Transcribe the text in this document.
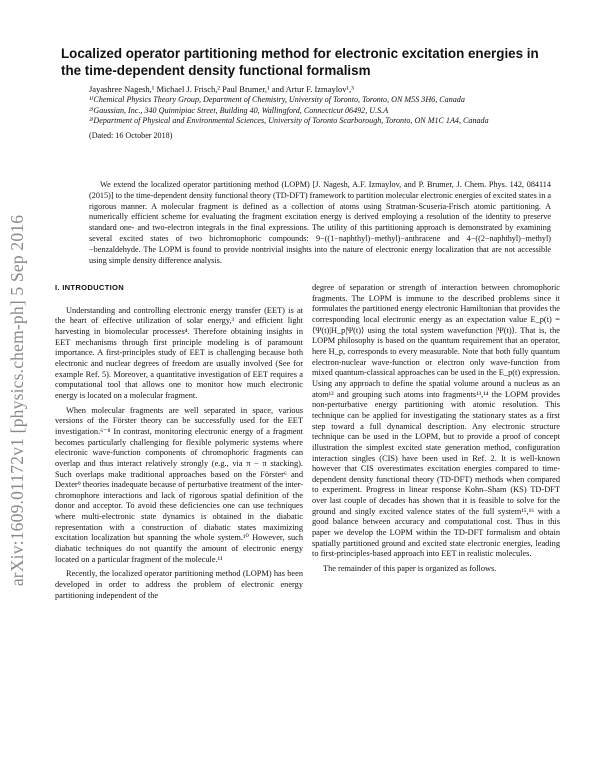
arXiv:1609.01172v1 [physics.chem-ph] 5 Sep 2016
Localized operator partitioning method for electronic excitation energies in the time-dependent density functional formalism
Jayashree Nagesh,¹ Michael J. Frisch,² Paul Brumer,¹ and Artur F. Izmaylov¹,³
¹⁾Chemical Physics Theory Group, Department of Chemistry, University of Toronto, Toronto, ON M5S 3H6, Canada
²⁾Gaussian, Inc., 340 Quinnipiac Street, Building 40, Wallingford, Connecticut 06492, U.S.A
³⁾Department of Physical and Environmental Sciences, University of Toronto Scarborough, Toronto, ON M1C 1A4, Canada
(Dated: 16 October 2018)
We extend the localized operator partitioning method (LOPM) [J. Nagesh, A.F. Izmaylov, and P. Brumer, J. Chem. Phys. 142, 084114 (2015)] to the time-dependent density functional theory (TD-DFT) framework to partition molecular electronic energies of excited states in a rigorous manner. A molecular fragment is defined as a collection of atoms using Stratman-Scuseria-Frisch atomic partitioning. A numerically efficient scheme for evaluating the fragment excitation energy is derived employing a resolution of the identity to preserve standard one- and two-electron integrals in the final expressions. The utility of this partitioning approach is demonstrated by examining several excited states of two bichromophoric compounds: 9−((1−naphthyl)−methyl)−anthracene and 4−((2−naphthyl)−methyl)−benzaldehyde. The LOPM is found to provide nontrivial insights into the nature of electronic energy localization that are not accessible using simple density difference analysis.
I. INTRODUCTION

Understanding and controlling electronic energy transfer (EET) is at the heart of effective utilization of solar energy,³ and efficient light harvesting in biomolecular processes⁴. Therefore obtaining insights in EET mechanisms through first principle modeling is of paramount importance. A first-principles study of EET is challenging because both electronic and nuclear degrees of freedom are usually involved (See for example Ref. 5). Moreover, a quantitative investigation of EET requires a computational tool that allows one to monitor how much electronic energy is located on a molecular fragment.

When molecular fragments are well separated in space, various versions of the Förster theory can be successfully used for the EET investigation.⁶⁻⁸ In contrast, monitoring electronic energy of a fragment becomes particularly challenging for flexible polymeric systems where electronic wave-function components of chromophoric fragments can overlap and thus interact relatively strongly (e.g., via π − π stacking). Such overlaps make traditional approaches based on the Förster⁶ and Dexter⁹ theories inadequate because of perturbative treatment of the inter-chromophore interactions and lack of rigorous spatial definition of the donor and acceptor. To avoid these deficiencies one can use techniques where multi-electronic state dynamics is obtained in the diabatic representation with a construction of diabatic states maximizing excitation localization but spanning the whole system.¹⁰ However, such diabatic techniques do not quantify the amount of electronic energy located on a particular fragment of the molecule.¹¹

Recently, the localized operator partitioning method (LOPM) has been developed in order to address the problem of electronic energy partitioning independent of the

degree of separation or strength of interaction between chromophoric fragments. The LOPM is immune to the described problems since it formulates the partitioned energy electronic Hamiltonian that provides the corresponding local electronic energy as an expectation value E_p(t) = ⟨Ψ(t)|H_p|Ψ(t)⟩ using the total system wavefunction |Ψ(t)⟩. That is, the LOPM philosophy is based on the quantum requirement that an operator, here H_p, corresponds to every measurable. Note that both fully quantum electron-nuclear wave-function or electron only wave-function from mixed quantum-classical approaches can be used in the E_p(t) expression. Using any approach to define the spatial volume around a nucleus as an atom¹² and grouping such atoms into fragments¹³,¹⁴ the LOPM provides non-perturbative energy partitioning with atomic resolution. This technique can be applied for investigating the stationary states as a first step toward a full dynamical description. Any electronic structure technique can be used in the LOPM, but to provide a proof of concept illustration the simplest excited state generation method, configuration interaction singles (CIS) have been used in Ref. 2. It is well-known however that CIS overestimates excitation energies compared to time-dependent density functional theory (TD-DFT) methods when compared to experiment. Progress in linear response Kohn–Sham (KS) TD-DFT over last couple of decades has shown that it is feasible to solve for the ground and singly excited valence states of the full system¹⁵,¹⁶ with a good balance between accuracy and computational cost. Thus in this paper we develop the LOPM within the TD-DFT formalism and obtain spatially partitioned ground and excited state electronic energies, leading to first-principles-based approach into EET in realistic molecules.

The remainder of this paper is organized as follows.
